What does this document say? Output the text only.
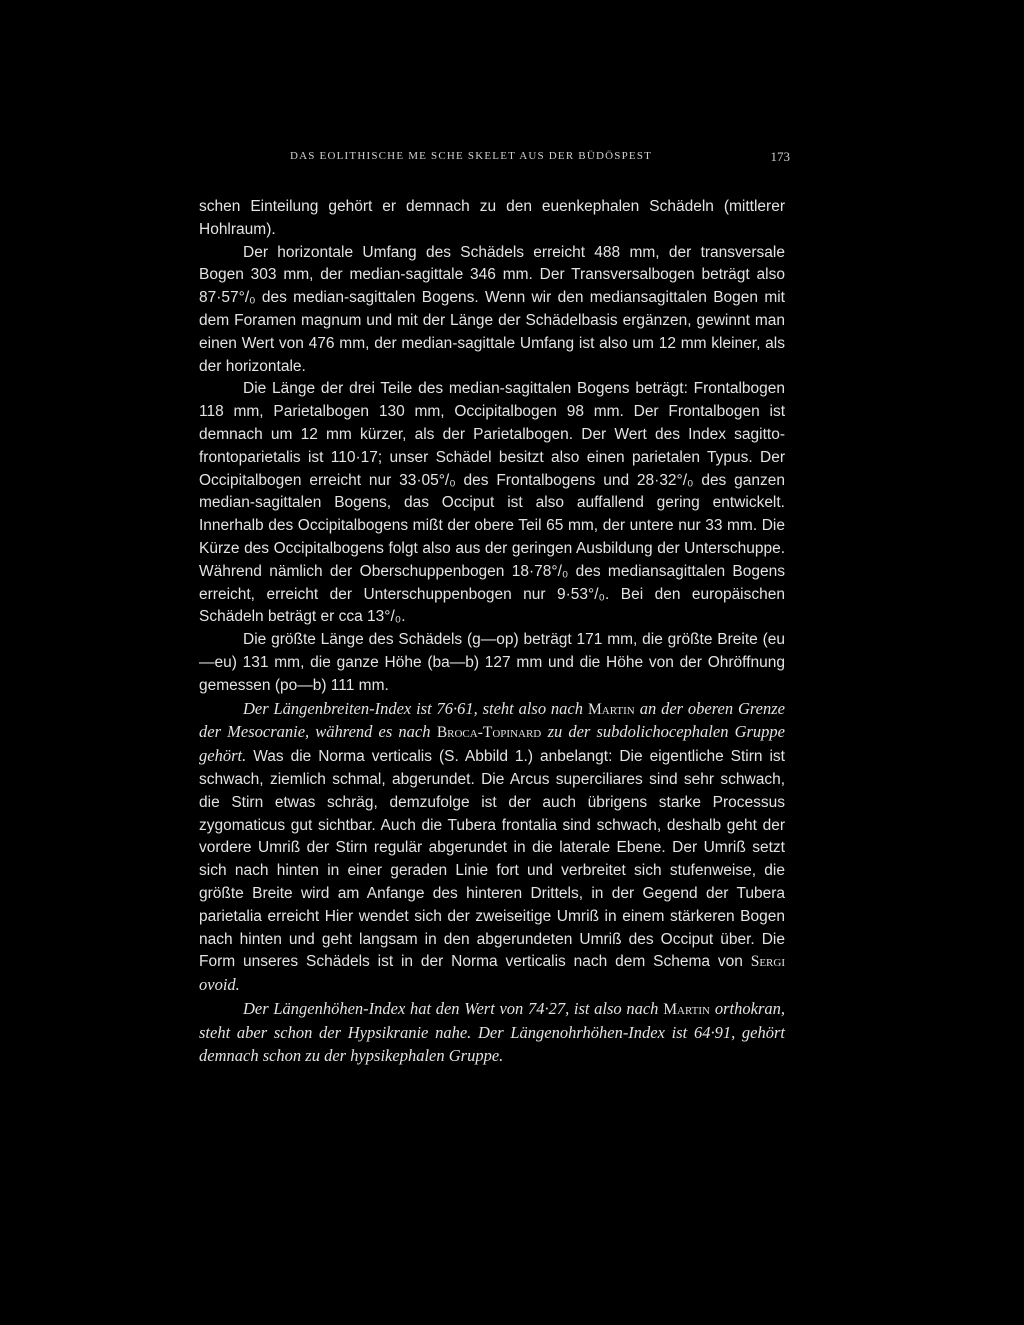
DAS EOLITHISCHE ME SCHE SKELET AUS DER BÜDÖSPEST	173

schen Einteilung gehört er demnach zu den euenkephalen Schädeln (mittlerer Hohlraum).

Der horizontale Umfang des Schädels erreicht 488 mm, der transversale Bogen 303 mm, der median-sagittale 346 mm. Der Transversalbogen beträgt also 87·57°/₀ des median-sagittalen Bogens. Wenn wir den mediansagittalen Bogen mit dem Foramen magnum und mit der Länge der Schädelbasis ergänzen, gewinnt man einen Wert von 476 mm, der median-sagittale Umfang ist also um 12 mm kleiner, als der horizontale.

Die Länge der drei Teile des median-sagittalen Bogens beträgt: Frontalbogen 118 mm, Parietalbogen 130 mm, Occipitalbogen 98 mm. Der Frontalbogen ist demnach um 12 mm kürzer, als der Parietalbogen. Der Wert des Index sagitto-frontoparietalis ist 110·17; unser Schädel besitzt also einen parietalen Typus. Der Occipitalbogen erreicht nur 33·05°/₀ des Frontalbogens und 28·32°/₀ des ganzen median-sagittalen Bogens, das Occiput ist also auffallend gering entwickelt. Innerhalb des Occipitalbogens mißt der obere Teil 65 mm, der untere nur 33 mm. Die Kürze des Occipitalbogens folgt also aus der geringen Ausbildung der Unterschuppe. Während nämlich der Oberschuppenbogen 18·78°/₀ des mediansagittalen Bogens erreicht, erreicht der Unterschuppenbogen nur 9·53°/₀. Bei den europäischen Schädeln beträgt er cca 13°/₀.

Die größte Länge des Schädels (g—op) beträgt 171 mm, die größte Breite (eu—eu) 131 mm, die ganze Höhe (ba—b) 127 mm und die Höhe von der Ohröffnung gemessen (po—b) 111 mm.

Der Längenbreiten-Index ist 76·61, steht also nach Martin an der oberen Grenze der Mesocranie, während es nach Broca-Topinard zu der subdolichocephalen Gruppe gehört. Was die Norma verticalis (S. Abbild 1.) anbelangt: Die eigentliche Stirn ist schwach, ziemlich schmal, abgerundet. Die Arcus superciliares sind sehr schwach, die Stirn etwas schräg, demzufolge ist der auch übrigens starke Processus zygomaticus gut sichtbar. Auch die Tubera frontalia sind schwach, deshalb geht der vordere Umriß der Stirn regulär abgerundet in die laterale Ebene. Der Umriß setzt sich nach hinten in einer geraden Linie fort und verbreitet sich stufenweise, die größte Breite wird am Anfange des hinteren Drittels, in der Gegend der Tubera parietalia erreicht Hier wendet sich der zweiseitige Umriß in einem stärkeren Bogen nach hinten und geht langsam in den abgerundeten Umriß des Occiput über. Die Form unseres Schädels ist in der Norma verticalis nach dem Schema von Sergi ovoid.

Der Längenhöhen-Index hat den Wert von 74·27, ist also nach Martin orthokran, steht aber schon der Hypsikranie nahe. Der Längenohrhöhen-Index ist 64·91, gehört demnach schon zu der hypsikephalen Gruppe.
